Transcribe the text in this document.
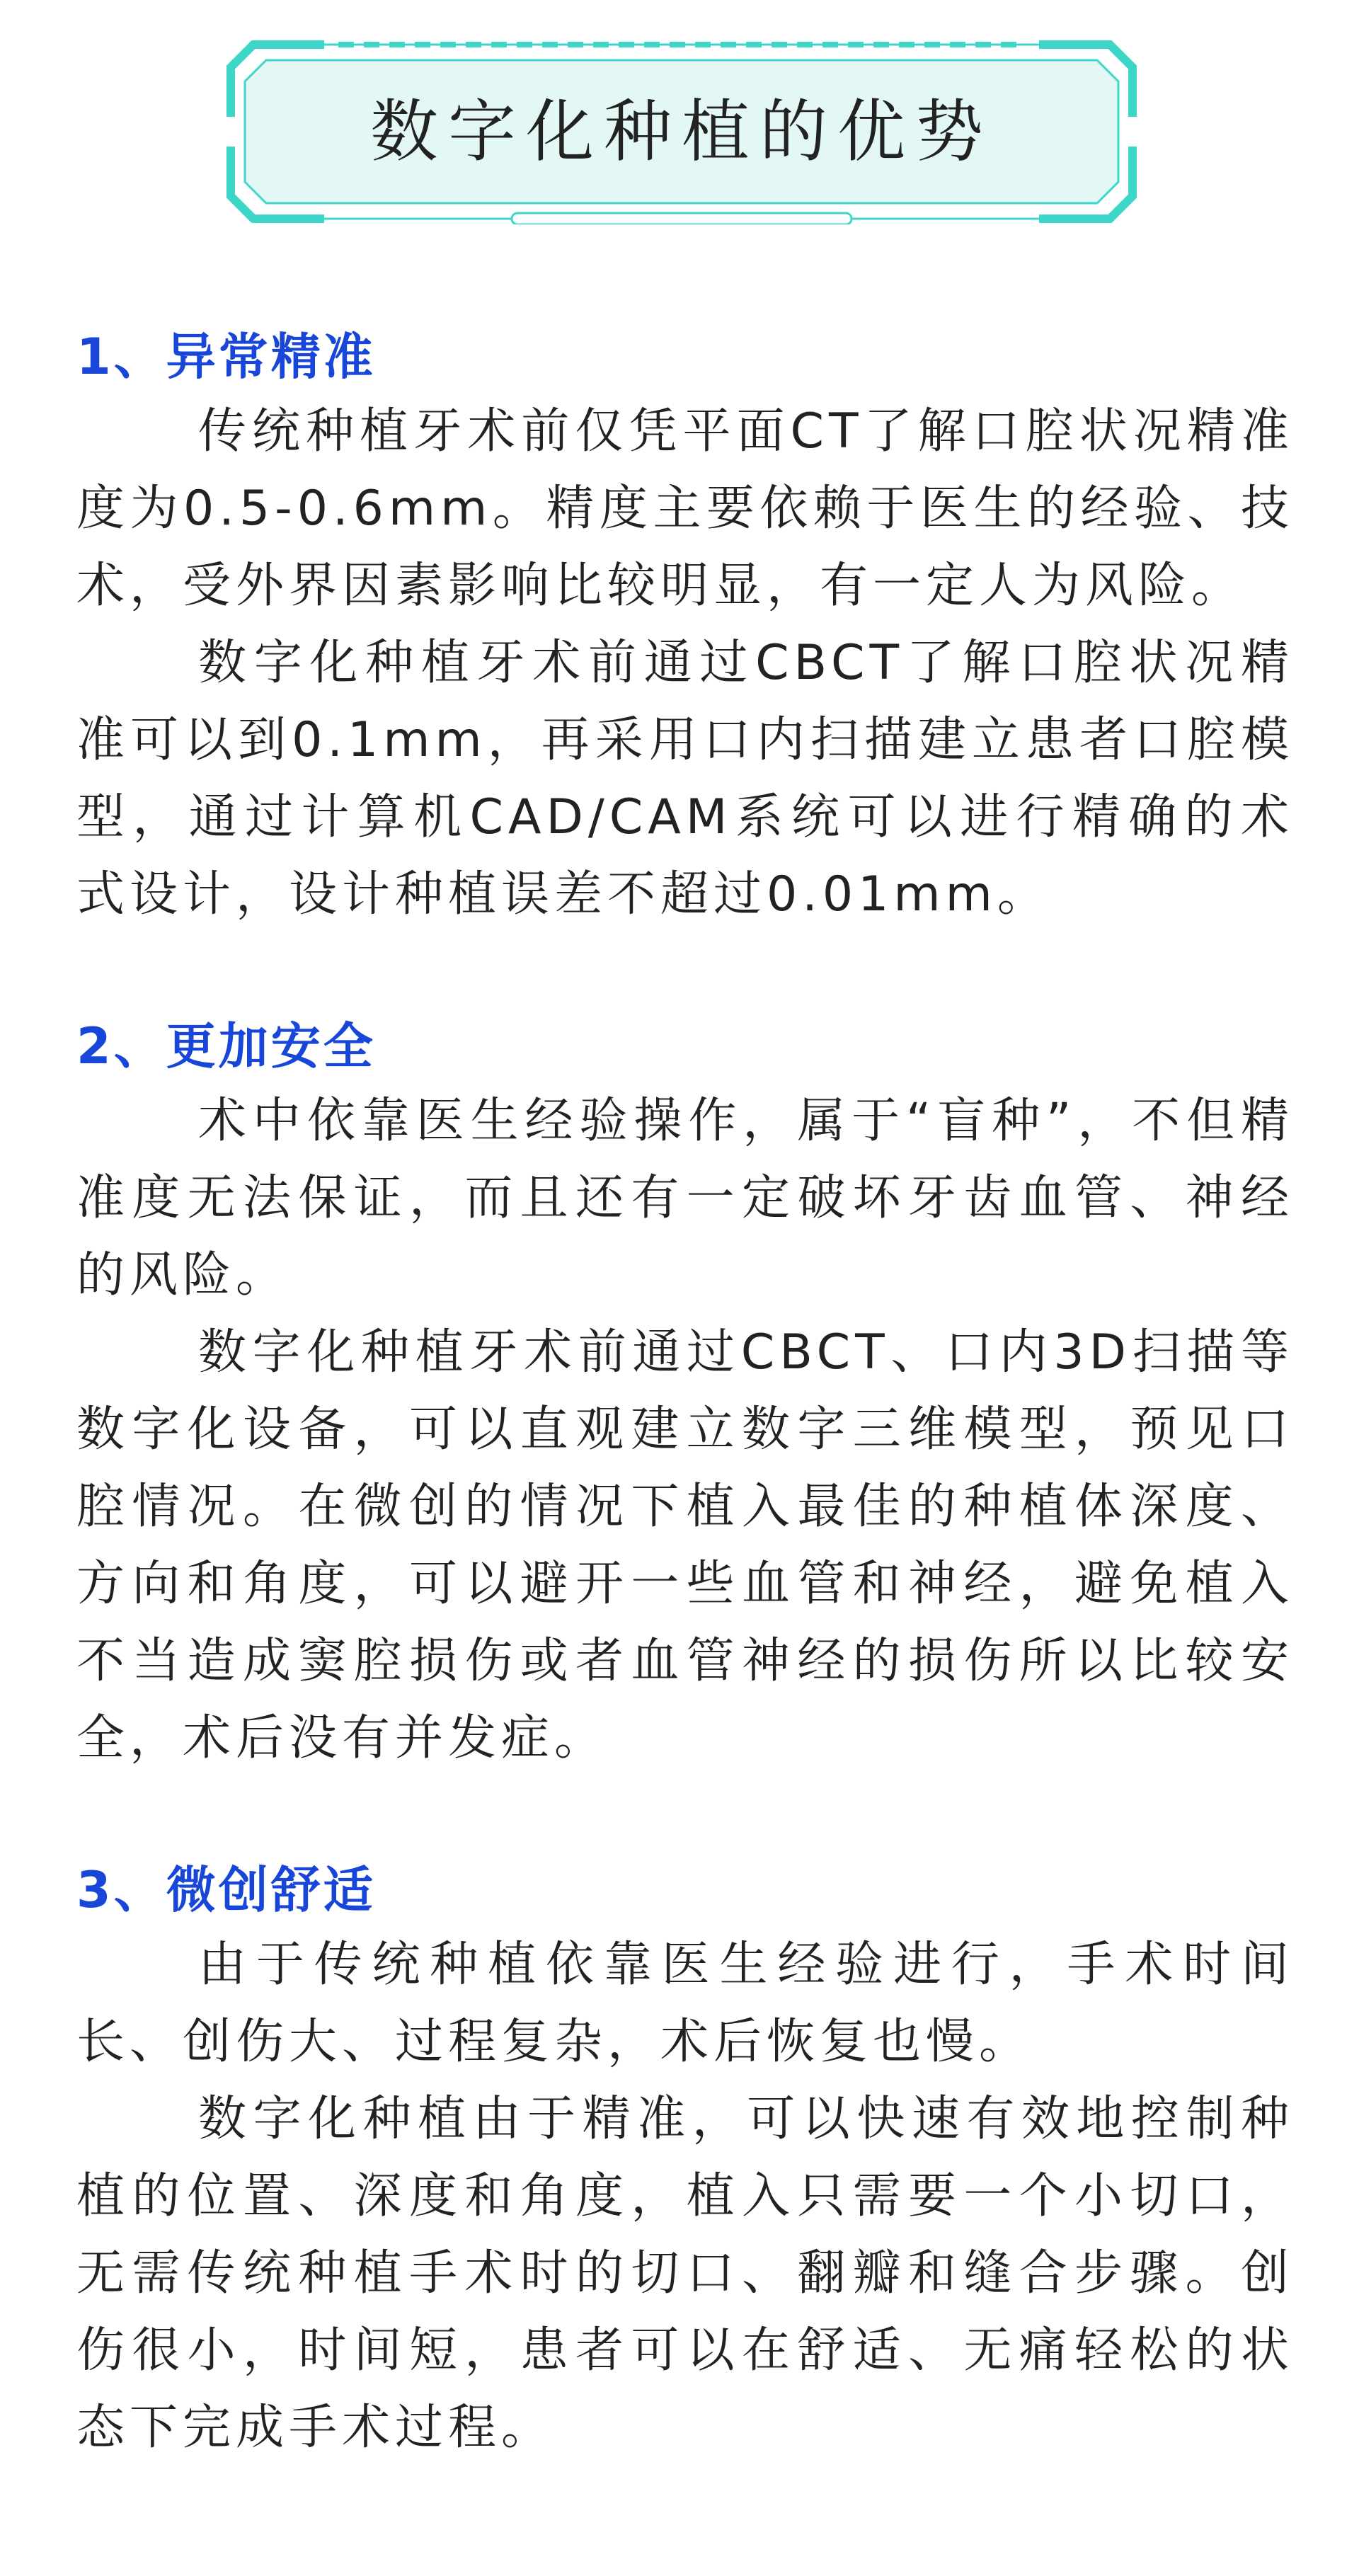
数字化种植的优势
1、异常精准
传统种植牙术前仅凭平面CT了解口腔状况精准度为0.5-0.6mm。精度主要依赖于医生的经验、技术，受外界因素影响比较明显，有一定人为风险。
数字化种植牙术前通过CBCT了解口腔状况精准可以到0.1mm，再采用口内扫描建立患者口腔模型，通过计算机CAD/CAM系统可以进行精确的术式设计，设计种植误差不超过0.01mm。
2、更加安全
术中依靠医生经验操作，属于“盲种”，不但精准度无法保证，而且还有一定破坏牙齿血管、神经的风险。
数字化种植牙术前通过CBCT、口内3D扫描等数字化设备，可以直观建立数字三维模型，预见口腔情况。在微创的情况下植入最佳的种植体深度、方向和角度，可以避开一些血管和神经，避免植入不当造成窦腔损伤或者血管神经的损伤所以比较安全，术后没有并发症。
3、微创舒适
由于传统种植依靠医生经验进行，手术时间长、创伤大、过程复杂，术后恢复也慢。
数字化种植由于精准，可以快速有效地控制种植的位置、深度和角度，植入只需要一个小切口，无需传统种植手术时的切口、翻瓣和缝合步骤。创伤很小，时间短，患者可以在舒适、无痛轻松的状态下完成手术过程。
